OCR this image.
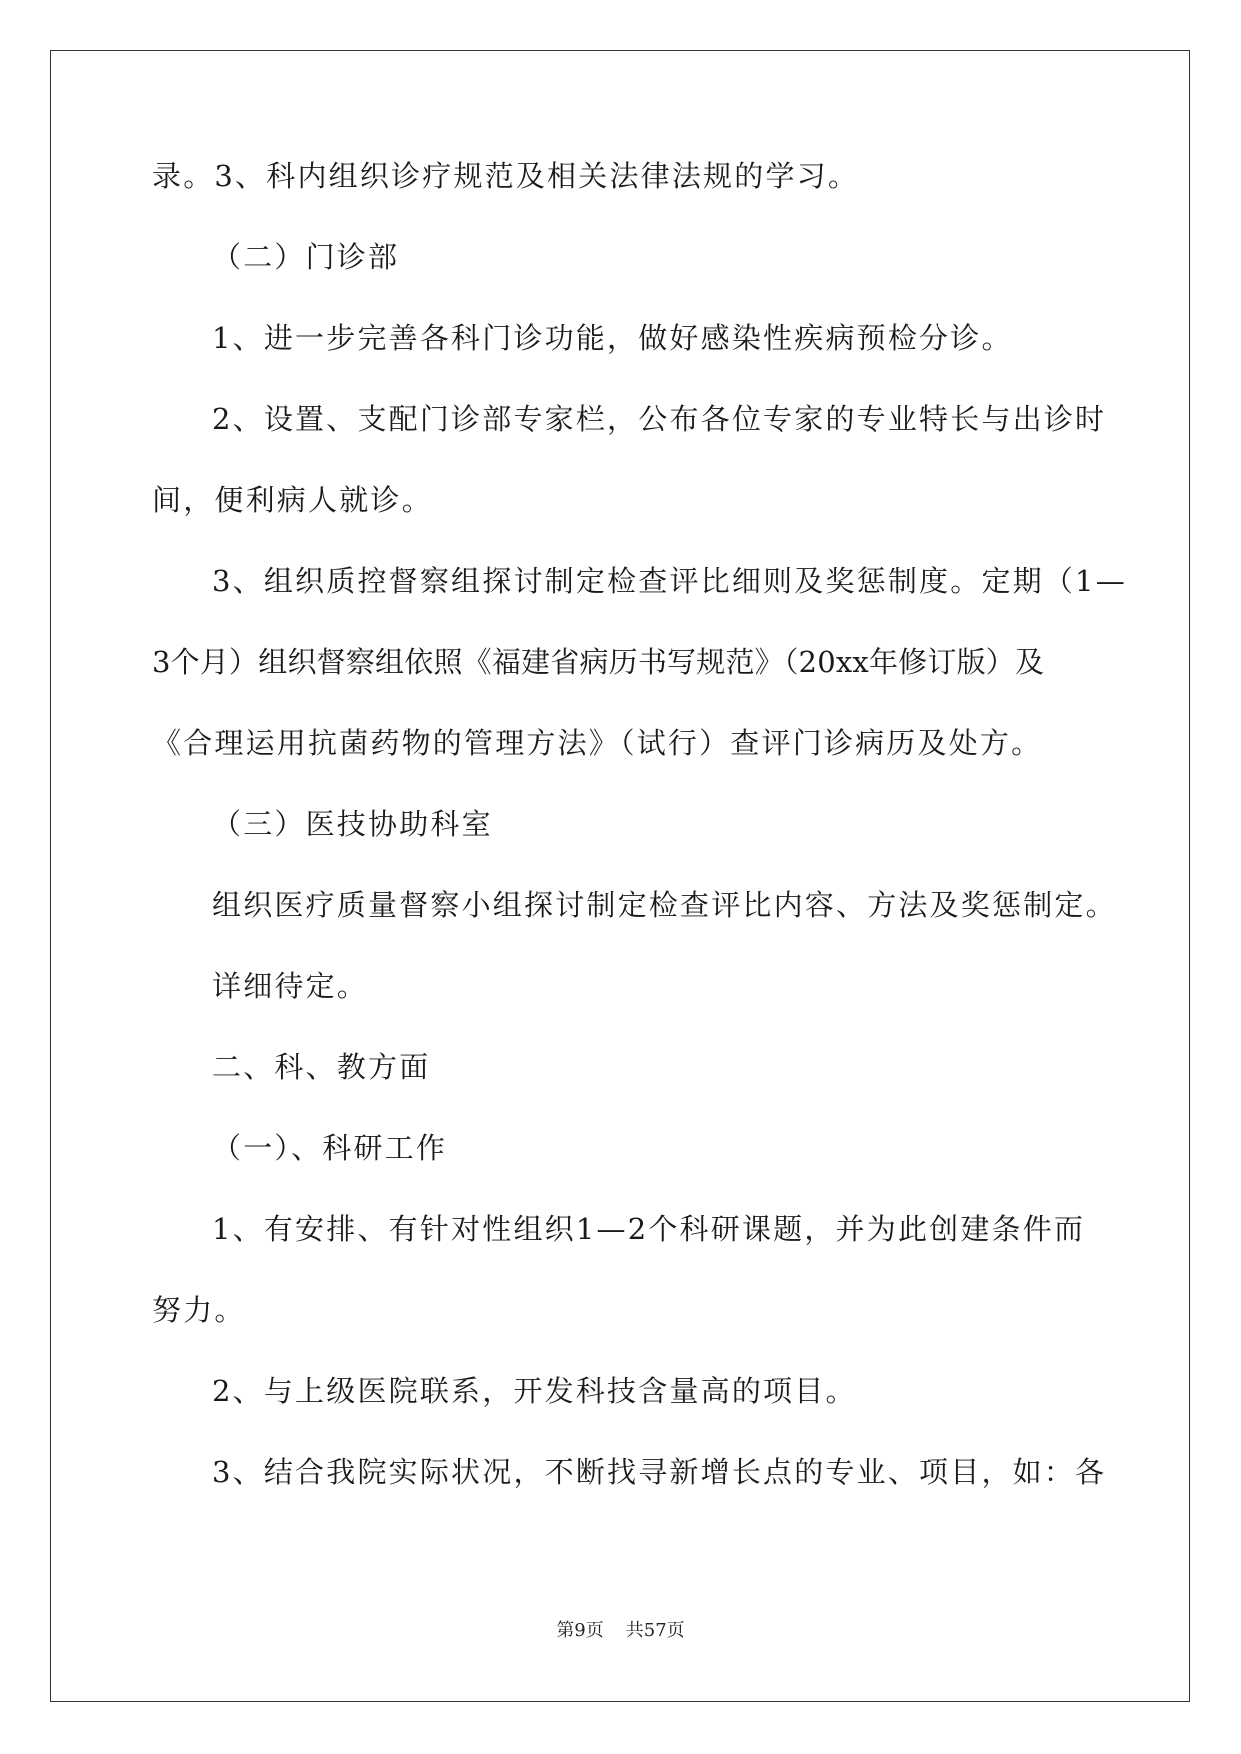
录。3、科内组织诊疗规范及相关法律法规的学习。
（二）门诊部
1、进一步完善各科门诊功能，做好感染性疾病预检分诊。
2、设置、支配门诊部专家栏，公布各位专家的专业特长与出诊时
间，便利病人就诊。
3、组织质控督察组探讨制定检查评比细则及奖惩制度。定期（1—
3个月）组织督察组依照《福建省病历书写规范》（20xx年修订版）及
《合理运用抗菌药物的管理方法》（试行）查评门诊病历及处方。
（三）医技协助科室
组织医疗质量督察小组探讨制定检查评比内容、方法及奖惩制定。
详细待定。
二、科、教方面
（一）、科研工作
1、有安排、有针对性组织1—2个科研课题，并为此创建条件而
努力。
2、与上级医院联系，开发科技含量高的项目。
3、结合我院实际状况，不断找寻新增长点的专业、项目，如：各
第9页 共57页
